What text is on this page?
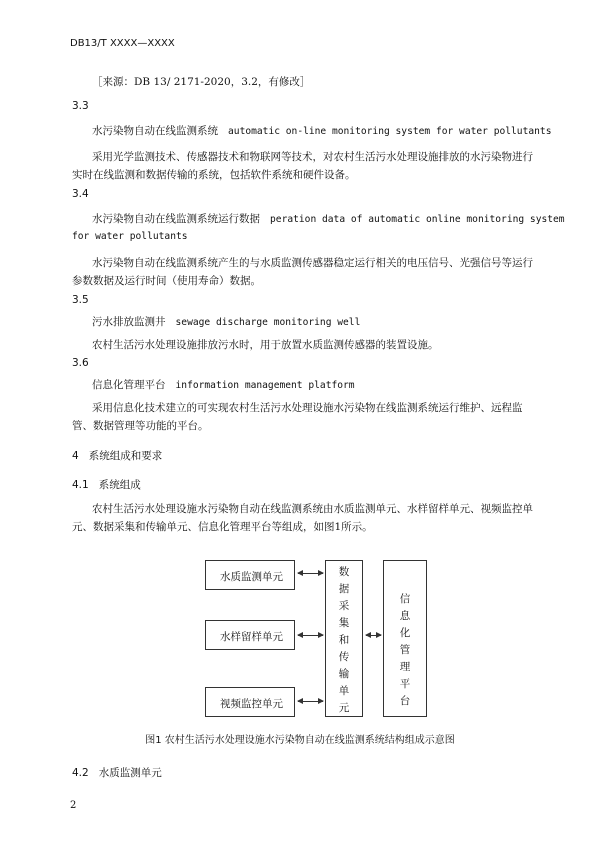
DB13/T XXXX—XXXX
［来源：DB 13/ 2171-2020，3.2，有修改］
3.3
水污染物自动在线监测系统 automatic on-line monitoring system for water pollutants
采用光学监测技术、传感器技术和物联网等技术，对农村生活污水处理设施排放的水污染物进行
实时在线监测和数据传输的系统，包括软件系统和硬件设备。
3.4
水污染物自动在线监测系统运行数据 peration data of automatic online monitoring system
for water pollutants
水污染物自动在线监测系统产生的与水质监测传感器稳定运行相关的电压信号、光强信号等运行
参数数据及运行时间（使用寿命）数据。
3.5
污水排放监测井 sewage discharge monitoring well
农村生活污水处理设施排放污水时，用于放置水质监测传感器的装置设施。
3.6
信息化管理平台 information management platform
采用信息化技术建立的可实现农村生活污水处理设施水污染物在线监测系统运行维护、远程监
管、数据管理等功能的平台。
4 系统组成和要求
4.1 系统组成
农村生活污水处理设施水污染物自动在线监测系统由水质监测单元、水样留样单元、视频监控单
元、数据采集和传输单元、信息化管理平台等组成，如图1所示。
水质监测单元
水样留样单元
视频监控单元
数
据
采
集
和
传
输
单
元
信
息
化
管
理
平
台
图1 农村生活污水处理设施水污染物自动在线监测系统结构组成示意图
4.2 水质监测单元
2
